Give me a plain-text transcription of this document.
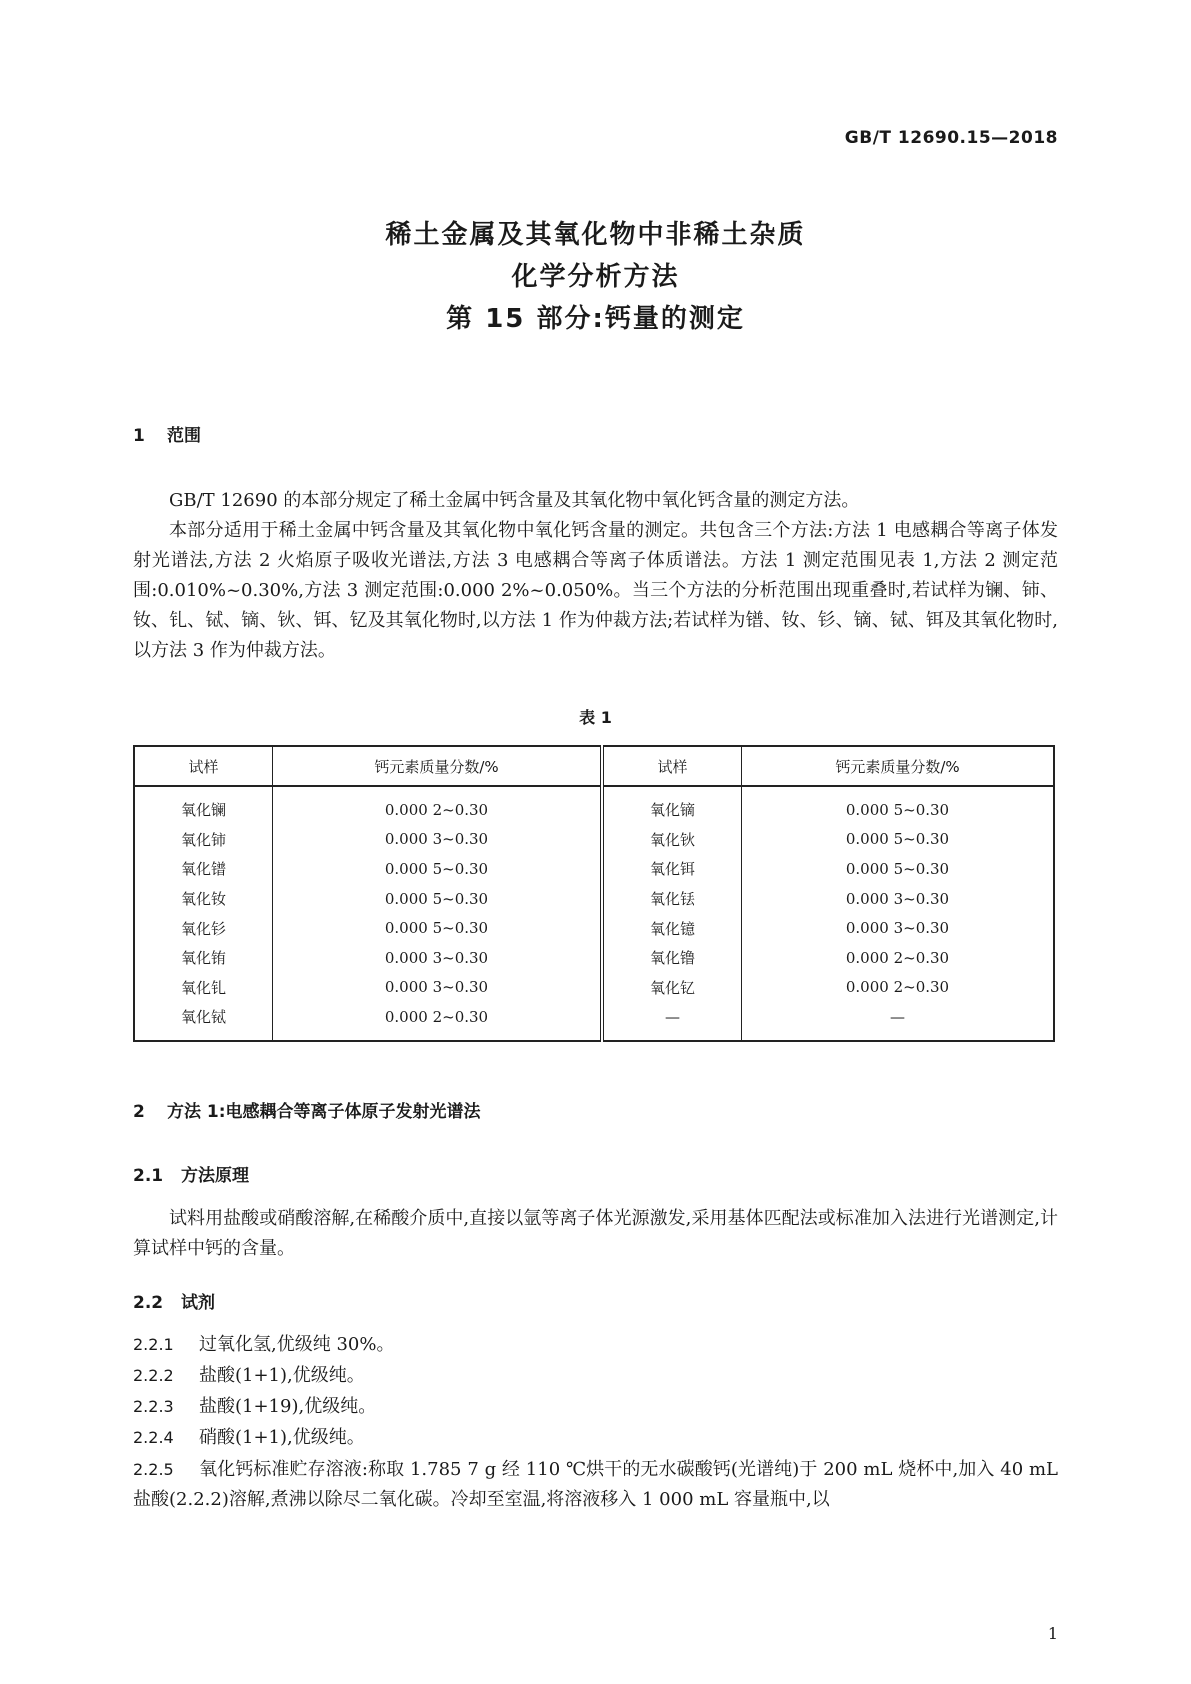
GB/T 12690.15—2018
稀土金属及其氧化物中非稀土杂质
化学分析方法
第 15 部分:钙量的测定
1 范围

GB/T 12690 的本部分规定了稀土金属中钙含量及其氧化物中氧化钙含量的测定方法。

本部分适用于稀土金属中钙含量及其氧化物中氧化钙含量的测定。共包含三个方法:方法 1 电感耦合等离子体发射光谱法,方法 2 火焰原子吸收光谱法,方法 3 电感耦合等离子体质谱法。方法 1 测定范围见表 1,方法 2 测定范围:0.010%~0.30%,方法 3 测定范围:0.000 2%~0.050%。当三个方法的分析范围出现重叠时,若试样为镧、铈、钕、钆、铽、镝、钬、铒、钇及其氧化物时,以方法 1 作为仲裁方法;若试样为镨、钕、钐、镝、铽、铒及其氧化物时,以方法 3 作为仲裁方法。

表 1
试样	钙元素质量分数/%	试样	钙元素质量分数/%
氧化镧	0.000 2~0.30	氧化镝	0.000 5~0.30
氧化铈	0.000 3~0.30	氧化钬	0.000 5~0.30
氧化镨	0.000 5~0.30	氧化铒	0.000 5~0.30
氧化钕	0.000 5~0.30	氧化铥	0.000 3~0.30
氧化钐	0.000 5~0.30	氧化镱	0.000 3~0.30
氧化铕	0.000 3~0.30	氧化镥	0.000 2~0.30
氧化钆	0.000 3~0.30	氧化钇	0.000 2~0.30
氧化铽	0.000 2~0.30	—	—
2 方法 1:电感耦合等离子体原子发射光谱法
2.1 方法原理

试料用盐酸或硝酸溶解,在稀酸介质中,直接以氩等离子体光源激发,采用基体匹配法或标准加入法进行光谱测定,计算试样中钙的含量。

2.2 试剂
2.2.1 过氧化氢,优级纯 30%。
2.2.2 盐酸(1+1),优级纯。
2.2.3 盐酸(1+19),优级纯。
2.2.4 硝酸(1+1),优级纯。
2.2.5 氧化钙标准贮存溶液:称取 1.785 7 g 经 110 ℃烘干的无水碳酸钙(光谱纯)于 200 mL 烧杯中,加入 40 mL 盐酸(2.2.2)溶解,煮沸以除尽二氧化碳。冷却至室温,将溶液移入 1 000 mL 容量瓶中,以
1
